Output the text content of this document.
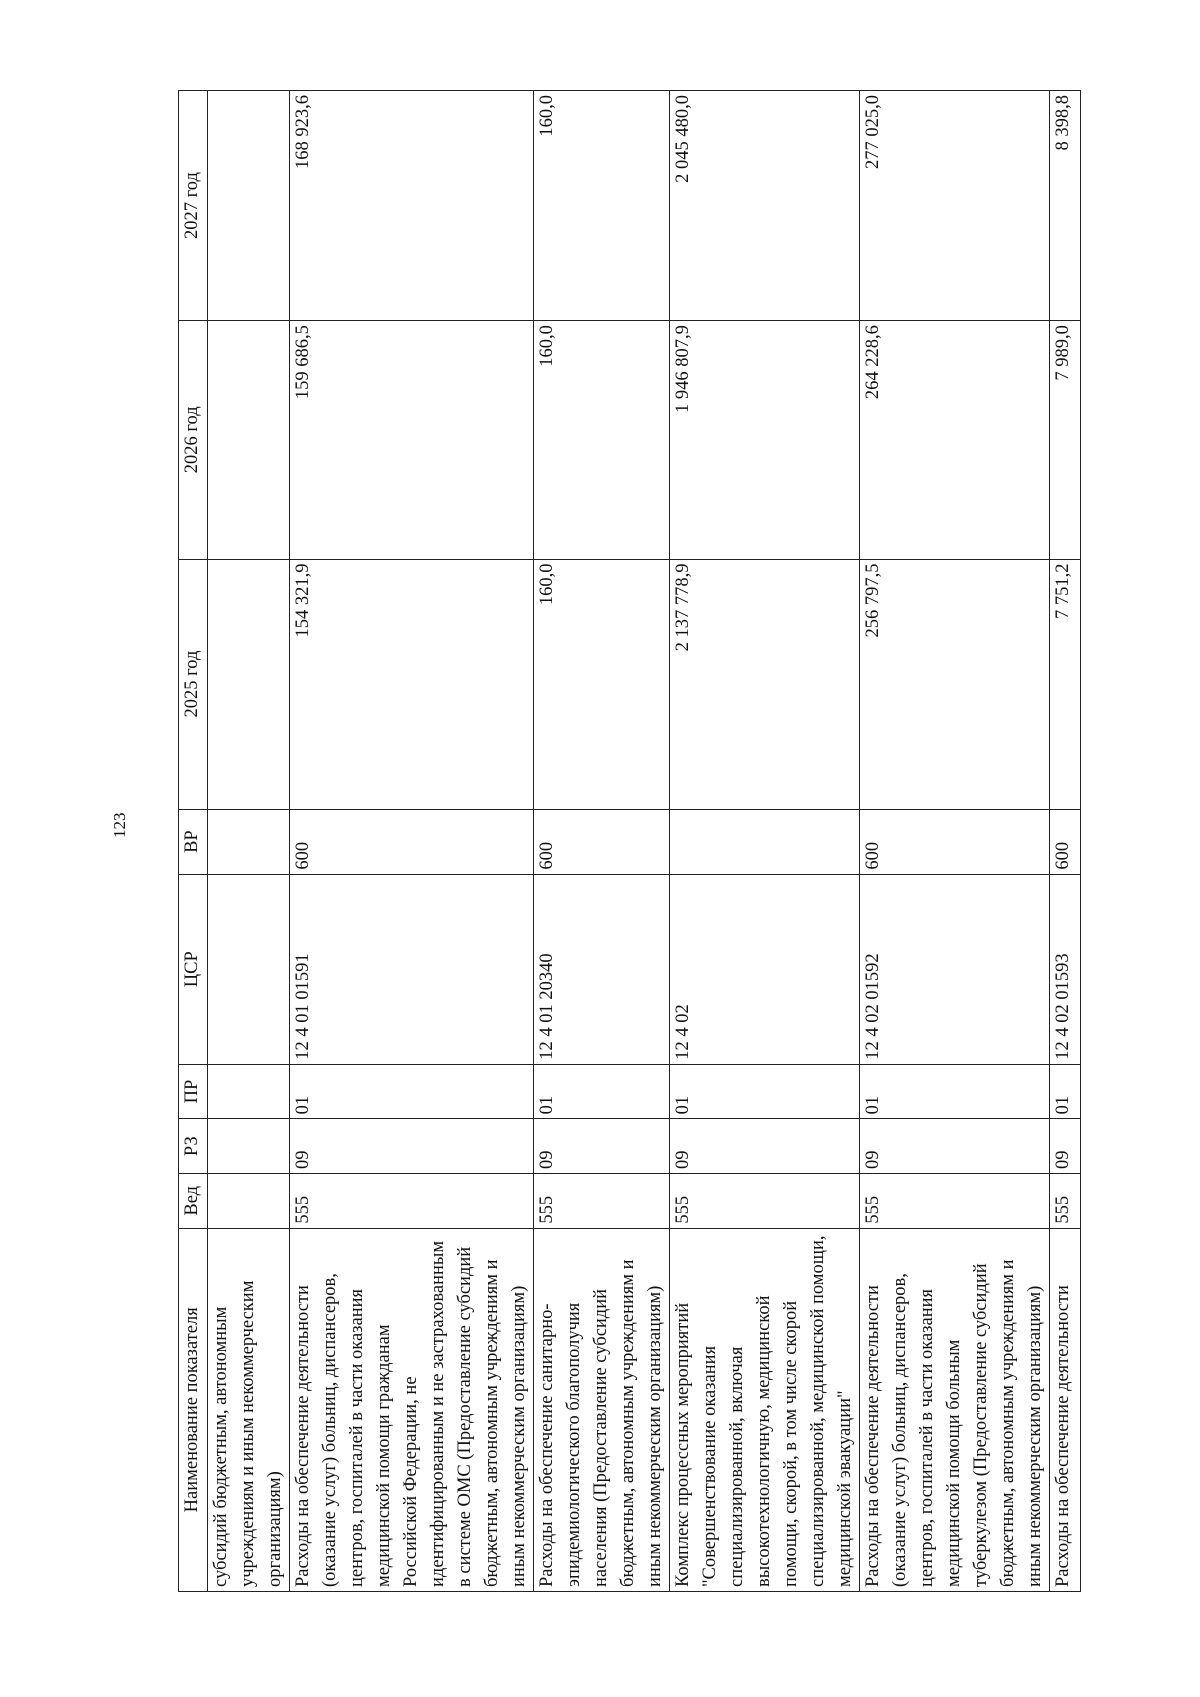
123
Наименование показателя	Вед	РЗ	ПР	ЦСР	ВР	2025 год	2026 год	2027 год
субсидий бюджетным, автономным учреждениям и иным некоммерческим организациям)								
Расходы на обеспечение деятельности (оказание услуг) больниц, диспансеров, центров, госпиталей в части оказания медицинской помощи гражданам Российской Федерации, не идентифицированным и не застрахованным в системе ОМС (Предоставление субсидий бюджетным, автономным учреждениям и иным некоммерческим организациям)	555	09	01	12 4 01 01591	600	154 321,9	159 686,5	168 923,6
Расходы на обеспечение санитарно-эпидемиологического благополучия населения (Предоставление субсидий бюджетным, автономным учреждениям и иным некоммерческим организациям)	555	09	01	12 4 01 20340	600	160,0	160,0	160,0
Комплекс процессных мероприятий "Совершенствование оказания специализированной, включая высокотехнологичную, медицинской помощи, скорой, в том числе скорой специализированной, медицинской помощи, медицинской эвакуации"	555	09	01	12 4 02		2 137 778,9	1 946 807,9	2 045 480,0
Расходы на обеспечение деятельности (оказание услуг) больниц, диспансеров, центров, госпиталей в части оказания медицинской помощи больным туберкулезом (Предоставление субсидий бюджетным, автономным учреждениям и иным некоммерческим организациям)	555	09	01	12 4 02 01592	600	256 797,5	264 228,6	277 025,0
Расходы на обеспечение деятельности	555	09	01	12 4 02 01593	600	7 751,2	7 989,0	8 398,8
